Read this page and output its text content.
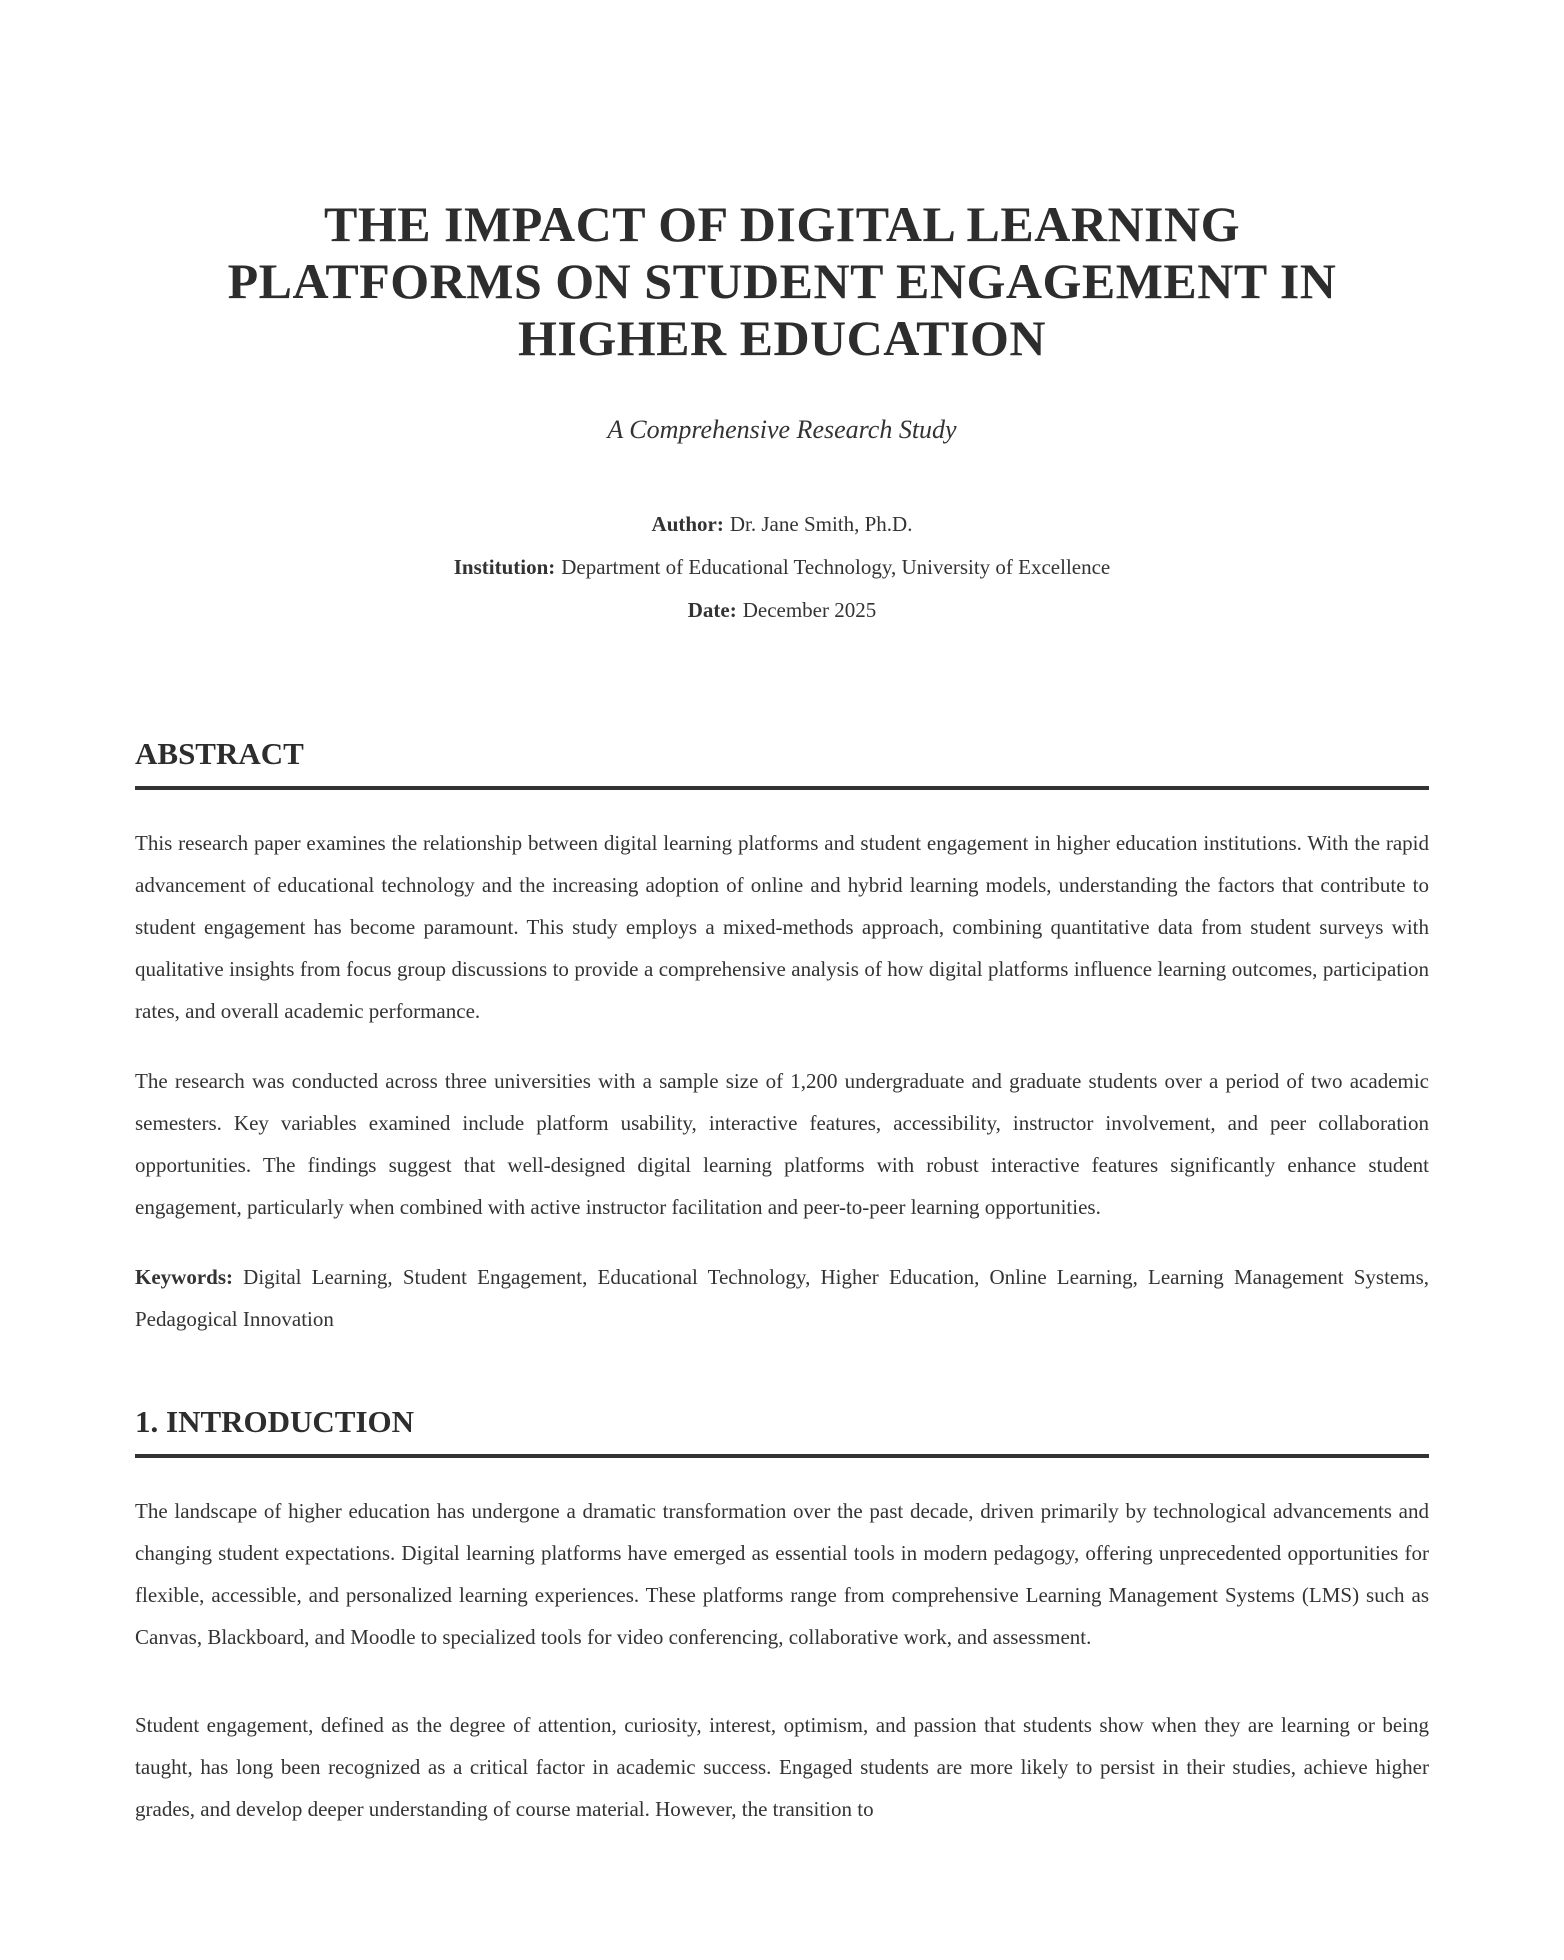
THE IMPACT OF DIGITAL LEARNING
PLATFORMS ON STUDENT ENGAGEMENT IN
HIGHER EDUCATION

A Comprehensive Research Study

Author: Dr. Jane Smith, Ph.D.

Institution: Department of Educational Technology, University of Excellence

Date: December 2025

ABSTRACT

This research paper examines the relationship between digital learning platforms and student engagement in higher education institutions. With the rapid advancement of educational technology and the increasing adoption of online and hybrid learning models, understanding the factors that contribute to student engagement has become paramount. This study employs a mixed-methods approach, combining quantitative data from student surveys with qualitative insights from focus group discussions to provide a comprehensive analysis of how digital platforms influence learning outcomes, participation rates, and overall academic performance.

The research was conducted across three universities with a sample size of 1,200 undergraduate and graduate students over a period of two academic semesters. Key variables examined include platform usability, interactive features, accessibility, instructor involvement, and peer collaboration opportunities. The findings suggest that well-designed digital learning platforms with robust interactive features significantly enhance student engagement, particularly when combined with active instructor facilitation and peer-to-peer learning opportunities.

Keywords: Digital Learning, Student Engagement, Educational Technology, Higher Education, Online Learning, Learning Management Systems, Pedagogical Innovation

1. INTRODUCTION

The landscape of higher education has undergone a dramatic transformation over the past decade, driven primarily by technological advancements and changing student expectations. Digital learning platforms have emerged as essential tools in modern pedagogy, offering unprecedented opportunities for flexible, accessible, and personalized learning experiences. These platforms range from comprehensive Learning Management Systems (LMS) such as Canvas, Blackboard, and Moodle to specialized tools for video conferencing, collaborative work, and assessment.

Student engagement, defined as the degree of attention, curiosity, interest, optimism, and passion that students show when they are learning or being taught, has long been recognized as a critical factor in academic success. Engaged students are more likely to persist in their studies, achieve higher grades, and develop deeper understanding of course material. However, the transition to
